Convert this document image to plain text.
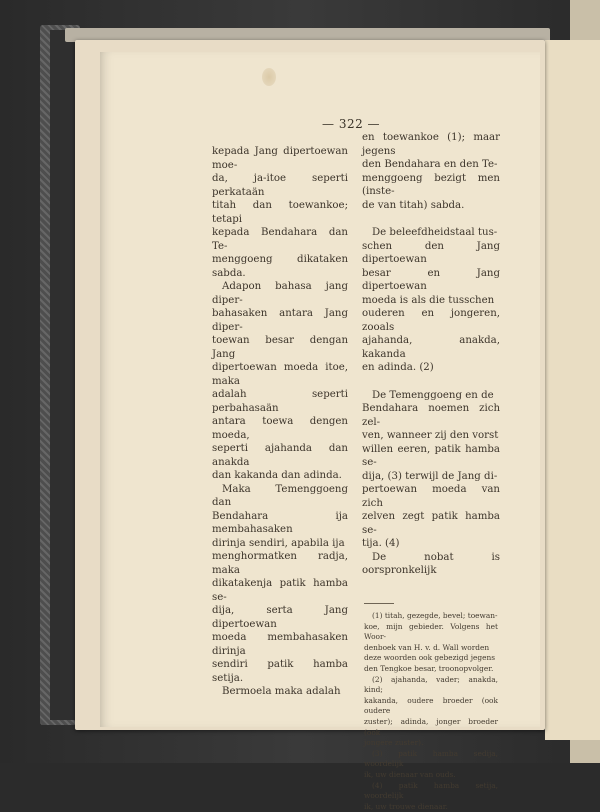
— 322 —

kepada Jang dipertoewan moe-

da, ja-itoe seperti perkataän

titah dan toewankoe; tetapi

kepada Bendahara dan Te-

menggoeng dikataken sabda.

Adapon bahasa jang diper-

bahasaken antara Jang diper-

toewan besar dengan Jang

dipertoewan moeda itoe, maka

adalah seperti perbahasaän

antara toewa dengen moeda,

seperti ajahanda dan anakda

dan kakanda dan adinda.

Maka Temenggoeng dan

Bendahara ija membahasaken

dirinja sendiri, apabila ija

menghormatken radja, maka

dikatakenja patik hamba se-

dija, serta Jang dipertoewan

moeda membahasaken dirinja

sendiri patik hamba setija.

Bermoela maka adalah

en toewankoe (1); maar jegens

den Bendahara en den Te-

menggoeng bezigt men (inste-

de van titah) sabda.

De beleefdheidstaal tus-

schen den Jang dipertoewan

besar en Jang dipertoewan

moeda is als die tusschen

ouderen en jongeren, zooals

ajahanda, anakda, kakanda

en adinda. (2)

De Temenggoeng en de

Bendahara noemen zich zel-

ven, wanneer zij den vorst

willen eeren, patik hamba se-

dija, (3) terwijl de Jang di-

pertoewan moeda van zich

zelven zegt patik hamba se-

tija. (4)

De nobat is oorspronkelijk

(1) titah, gezegde, bevel; toewan-

koe, mijn gebieder. Volgens het Woor-

denboek van H. v. d. Wall worden

deze woorden ook gebezigd jegens

den Tengkoe besar, troonopvolger.

(2) ajahanda, vader; anakda, kind;

kakanda, oudere broeder (ook oudere

zuster); adinda, jonger broeder (ook

jongere zuster).

(3) patik hamba sedija, woordelijk

ik, uw dienaar van ouds.

(4) patik hamba setija, woordelijk

ik, uw trouwe dienaar.
